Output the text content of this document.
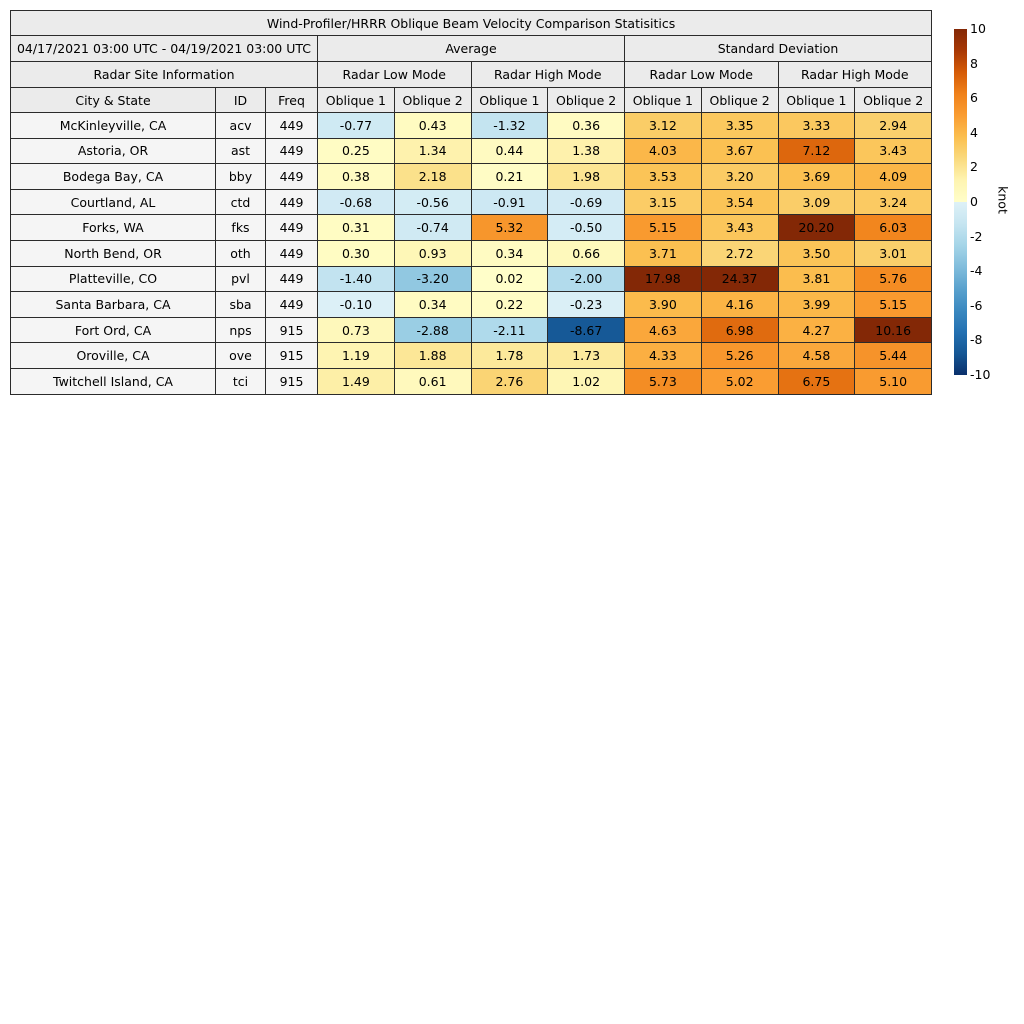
Wind-Profiler/HRRR Oblique Beam Velocity Comparison Statisitics										
04/17/2021 03:00 UTC - 04/19/2021 03:00 UTC			Average				Standard Deviation			
Radar Site Information			Radar Low Mode		Radar High Mode		Radar Low Mode		Radar High Mode	
City & State	ID	Freq	Oblique 1	Oblique 2	Oblique 1	Oblique 2	Oblique 1	Oblique 2	Oblique 1	Oblique 2
McKinleyville, CA	acv	449	-0.77	0.43	-1.32	0.36	3.12	3.35	3.33	2.94
Astoria, OR	ast	449	0.25	1.34	0.44	1.38	4.03	3.67	7.12	3.43
Bodega Bay, CA	bby	449	0.38	2.18	0.21	1.98	3.53	3.20	3.69	4.09
Courtland, AL	ctd	449	-0.68	-0.56	-0.91	-0.69	3.15	3.54	3.09	3.24
Forks, WA	fks	449	0.31	-0.74	5.32	-0.50	5.15	3.43	20.20	6.03
North Bend, OR	oth	449	0.30	0.93	0.34	0.66	3.71	2.72	3.50	3.01
Platteville, CO	pvl	449	-1.40	-3.20	0.02	-2.00	17.98	24.37	3.81	5.76
Santa Barbara, CA	sba	449	-0.10	0.34	0.22	-0.23	3.90	4.16	3.99	5.15
Fort Ord, CA	nps	915	0.73	-2.88	-2.11	-8.67	4.63	6.98	4.27	10.16
Oroville, CA	ove	915	1.19	1.88	1.78	1.73	4.33	5.26	4.58	5.44
Twitchell Island, CA	tci	915	1.49	0.61	2.76	1.02	5.73	5.02	6.75	5.10
10
8
6
4
2
0
-2
-4
-6
-8
-10
knot
